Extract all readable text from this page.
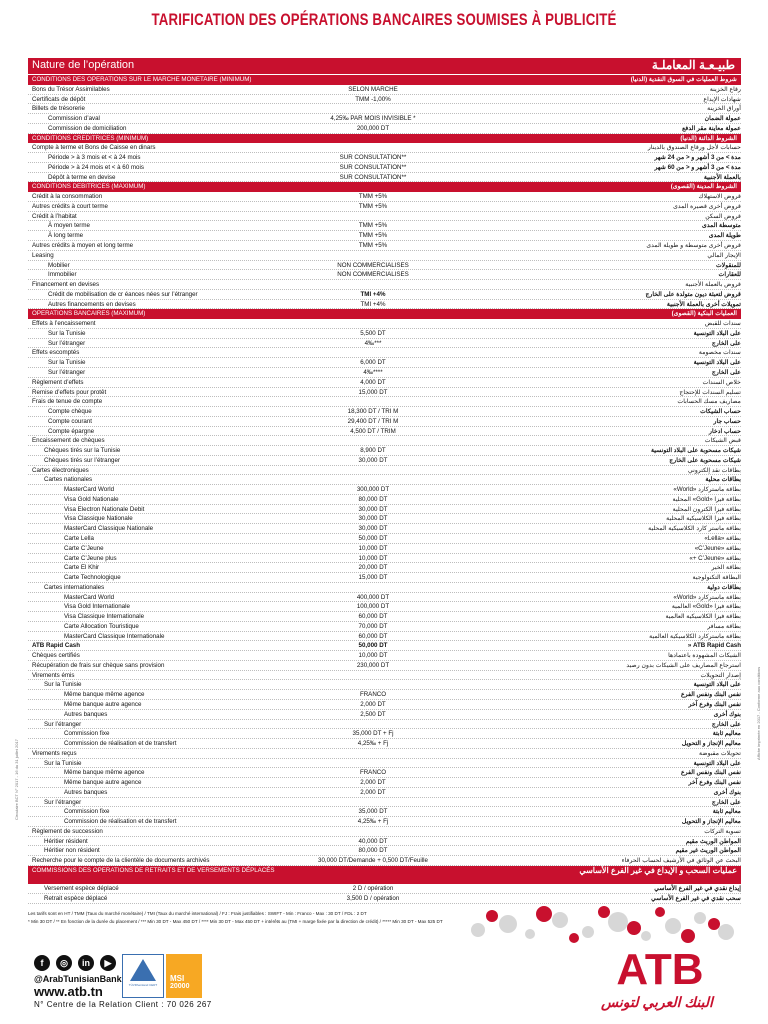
TARIFICATION DES OPÉRATIONS BANCAIRES SOUMISES À PUBLICITÉ
Nature de l’opération	طبيـعـة المعاملـة
CONDITIONS DES OPERATIONS SUR LE MARCHE MONETAIRE (MINIMUM)	شروط العمليات في السوق النقدية (الدنيا)
Bons du Trésor Assimilables	SELON MARCHE	رقاع الخزينة
Certificats de dépôt	TMM -1,00%	شهادات الإيداع
Billets de trésorerie	أوراق الخزينة
Commission d’aval	4,25‰ PAR MOIS INVISIBLE *	عمولة الضمان
Commission de domiciliation	200,000 DT	عمولة معاينة مقر الدفع
CONDITIONS CREDITRICES (MINIMUM)	الشروط الدائنة (الدنيا)
Compte à terme et Bons de Caisse en dinars	حسابات لأجل ورقاع الصندوق بالدينار
Période > à 3 mois et < à 24 mois	SUR CONSULTATION**	مدة > من 3 أشهر و < من 24 شهر
Période > à 24 mois et < à 60 mois	SUR CONSULTATION**	مدة > من 3 أشهر و < من 60 شهر
Dépôt à terme en devise	SUR CONSULTATION**	بالعملة الأجنبية
CONDITIONS DEBITRICES (MAXIMUM)	الشروط المدينة (القصوى)
Crédit à la consommation	TMM +5%	قروض الاستهلاك
Autres crédits à court terme	TMM +5%	قروض أخرى قصيرة المدى
Crédit à l’habitat	قروض السكن
À moyen terme	TMM +5%	متوسطة المدى
À long terme	TMM +5%	طويلة المدى
Autres crédits à moyen et long terme	TMM +5%	قروض أخرى متوسطة و طويلة المدى
Leasing	الإيجار المالي
Mobilier	NON COMMERCIALISES	للمنقولات
Immobilier	NON COMMERCIALISES	للعقارات
Financement en devises	قروض بالعملة الأجنبية
Crédit de mobilisation de cr éances nées sur l’étranger	TMI +4%	قروض لتعبئة ديون متولدة على الخارج
Autres financements en devises	TMI +4%	تمويلات أخرى بالعملة الأجنبية
OPERATIONS BANCAIRES (MAXIMUM)	العمليات البنكية (القصوى)
Effets à l’encaissement	سندات للقبض
Sur la Tunisie	5,500 DT	على البلاد التونسية
Sur l’étranger	4‰***	على الخارج
Effets escomptés	سندات مخصومة
Sur la Tunisie	6,000 DT	على البلاد التونسية
Sur l’étranger	4‰****	على الخارج
Règlement d’effets	4,000 DT	خلاص السندات
Remise d’effets pour protêt	15,000 DT	تسليم السندات للإحتجاج
Frais de tenue de compte	مصاريف مسك الحسابات
Compte chèque	18,300 DT / TRI M	حساب الشيكات
Compte courant	29,400 DT / TRI M	حساب جار
Compte épargne	4,500 DT / TRIM	حساب ادخار
Encaissement de chèques	قبض الشيكات
Chèques tirés sur la Tunisie	8,900 DT	شيكات مسحوبة على البلاد التونسية
Chèques tirés sur l’étranger	30,000 DT	شيكات مسحوبة على الخارج
Cartes électroniques	بطاقات نقد إلكتروني
Cartes nationales	بطاقات محلية
MasterCard World	300,000 DT	بطاقة ماستركارد «World»
Visa Gold Nationale	80,000 DT	بطاقة فيزا «Gold» المحلية
Visa Electron Nationale Debit	30,000 DT	بطاقة فيزا الكترون المحلية
Visa Classique Nationale	30,000 DT	بطاقة فيزا الكلاسيكية المحلية
MasterCard Classique Nationale	30,000 DT	بطاقة ماستر كارد الكلاسيكية المحلية
Carte Lella	50,000 DT	بطاقة «Lella»
Carte C’Jeune	10,000 DT	بطاقة «C’Jeune»
Carte C’Jeune plus	10,000 DT	بطاقة «C’Jeune +»
Carte El Khir	20,000 DT	بطاقة الخير
Carte Technologique	15,000 DT	البطاقة التكنولوجية
Cartes internationales	بطاقات دولية
MasterCard World	400,000 DT	بطاقة ماستركارد «World»
Visa Gold Internationale	100,000 DT	بطاقة فيزا «Gold» العالمية
Visa Classique Internationale	60,000 DT	بطاقة فيزا الكلاسيكية العالمية
Carte Allocation Touristique	70,000 DT	بطاقة مسافر
MasterCard Classique Internationale	60,000 DT	بطاقة ماستركارد الكلاسيكية العالمية
ATB Rapid Cash	50,000 DT	ATB Rapid Cash «
Chèques certifiés	10,000 DT	الشيكات المشهودة باعتمادها
Récupération de frais sur chèque sans provision	230,000 DT	استرجاع المصاريف على الشيكات بدون رصيد
Virements émis	إصدار التحويلات
Sur la Tunisie	على البلاد التونسية
Même banque même agence	FRANCO	نفس البنك ونفس الفرع
Même banque autre agence	2,000 DT	نفس البنك وفرع آخر
Autres banques	2,500 DT	بنوك أخرى
Sur l’étranger	على الخارج
Commission fixe	35,000 DT + Fj	معاليم ثابتة
Commission de réalisation et de transfert	4,25‰ + Fj	معاليم الإنجاز و التحويل
Virements reçus	تحويلات مقبوضة
Sur la Tunisie	على البلاد التونسية
Même banque même agence	FRANCO	نفس البنك ونفس الفرع
Même banque autre agence	2,000 DT	نفس البنك وفرع آخر
Autres banques	2,000 DT	بنوك أخرى
Sur l’étranger	على الخارج
Commission fixe	35,000 DT	معاليم ثابتة
Commission de réalisation et de transfert	4,25‰ + Fj	معاليم الإنجاز و التحويل
Règlement de succession	تسوية التركات
Héritier résident	40,000 DT	المواطن الوريث مقيم
Héritier non résident	80,000 DT	المواطن الوريث غير مقيم
Recherche pour le compte de la clientèle de documents archivés	30,000 DT/Demande + 0,500 DT/Feuille	البحث عن الوثائق في الأرشيف لحساب الحرفاء
COMMISSIONS DES OPERATIONS DE RETRAITS ET DE VERSEMENTS DÉPLACÉS	عمليات السحب و الإيداع في غير الفرع الأساسي
Versement espèce déplacé	2 D / opération	إيداع نقدي في غير الفرع الأساسي
Retrait espèce déplacé	3,500 D / opération	سحب نقدي في غير الفرع الأساسي
Les tarifs sont en HT / TMM (Taux du marché monétaire) / TMI (Taux du marché international) / FJ : Frais justifiables : SWIFT - Min : Franco - Max : 30 DT / FDL : 2 DT
* Min 30 DT / ** En fonction de la durée du placement / *** Min 30 DT - Max 450 DT / **** Min 30 DT - Max 450 DT + intérêts au (TMI + marge fixée par la direction de crédit) / ***** Min 30 DT - Max 525 DT
Circulaire BCT N° 2017 - 16 du 31 juillet 2017
Affiche imprimée en 2017 - Conforme aux conditions
f	◎	in	▶
@ArabTunisianBank
www.atb.tn
N° Centre de la Relation Client : 70 026 267
TÜVRheinland CERT
MSI
20000	ATB
البنك العربي لتونس
